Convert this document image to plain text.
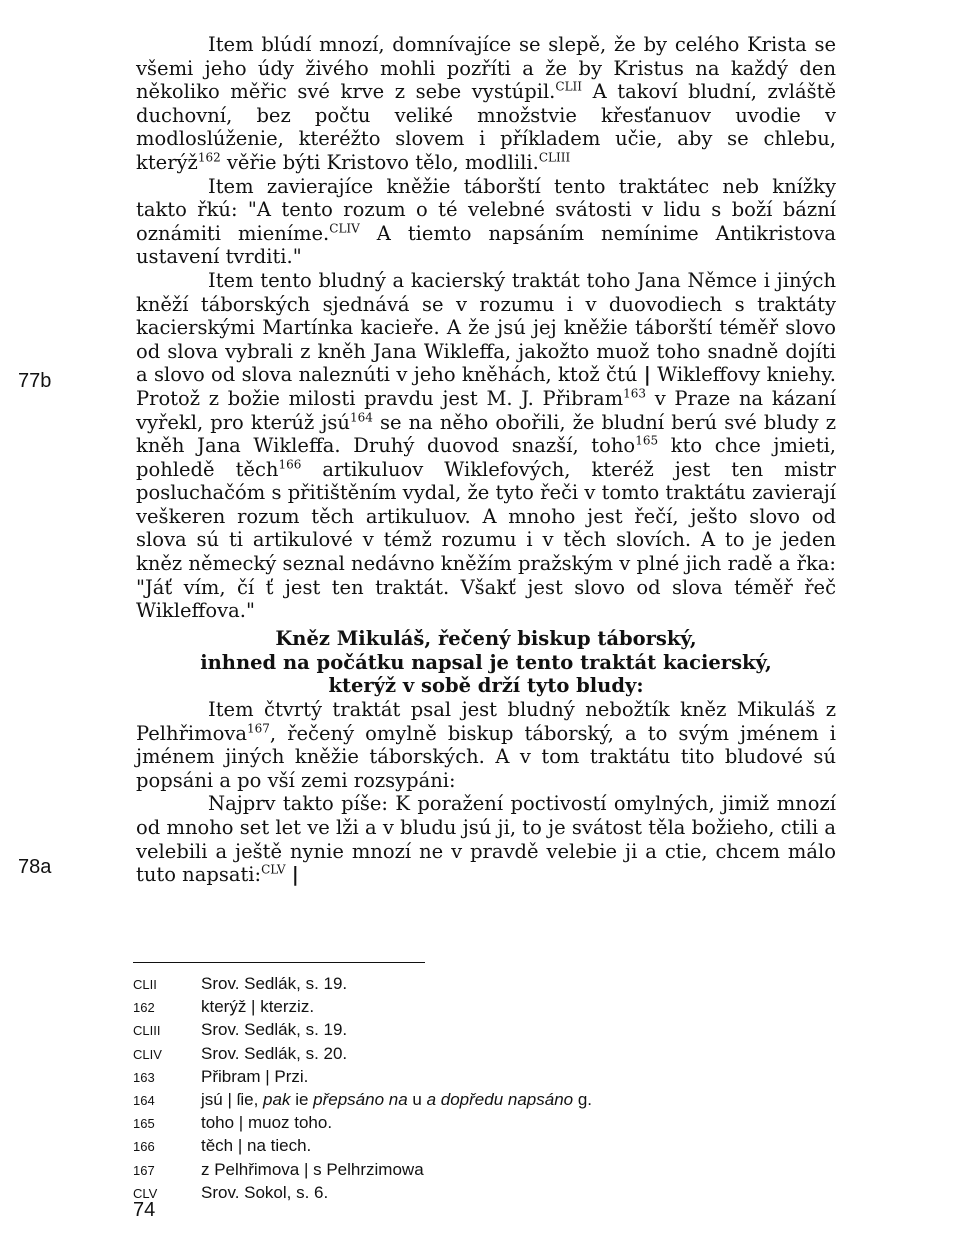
77b
78a

Item blúdí mnozí, domnívajíce se slepě, že by celého Krista se všemi jeho údy živého mohli pozříti a že by Kristus na každý den několiko měřic své krve z sebe vystúpil.$^{CLII}$ A takoví bludní, zvláště duchovní, bez počtu veliké množstvie křesťanuov uvodie v modloslúženie, kteréžto slovem i příkladem učie, aby se chlebu, kterýž$^{162}$ věřie býti Kristovo tělo, modlili.$^{CLIII}$

Item zavierajíce kněžie táborští tento traktátec neb knížky takto řkú: "A tento rozum o té velebné svátosti v lidu s boží bázní oznámiti mieníme.$^{CLIV}$ A tiemto napsáním nemínime Antikristova ustavení tvrditi."

Item tento bludný a kacierský traktát toho Jana Němce i jiných kněží táborských sjednává se v rozumu i v duovodiech s traktáty kacierskými Martínka kacieře. A že jsú jej kněžie táborští téměř slovo od slova vybrali z kněh Jana Wikleffa, jakožto muož toho snadně dojíti a slovo od slova naleznúti v jeho kněhách, ktož čtú | Wikleffovy kniehy. Protož z božie milosti pravdu jest M. J. Přibram$^{163}$ v Praze na kázaní vyřekl, pro kterúž jsú$^{164}$ se na něho obořili, že bludní berú své bludy z kněh Jana Wikleffa. Druhý duovod snazší, toho$^{165}$ kto chce jmieti, pohledě těch$^{166}$ artikuluov Wiklefových, kteréž jest ten mistr posluchačóm s přitištěním vydal, že tyto řeči v tomto traktátu zavierají veškeren rozum těch artikuluov. A mnoho jest řečí, ješto slovo od slova sú ti artikulové v témž rozumu i v těch slovích. A to je jeden kněz německý seznal nedávno kněžím pražským v plné jich radě a řka: "Jáť vím, čí ť jest ten traktát. Všakť jest slovo od slova téměř řeč Wikleffova."

Kněz Mikuláš, řečený biskup táborský,
inhned na počátku napsal je tento traktát kacierský,
kterýž v sobě drží tyto bludy:

Item čtvrtý traktát psal jest bludný nebožtík kněz Mikuláš z Pelhřimova$^{167}$, řečený omylně biskup táborský, a to svým jménem i jménem jiných kněžie táborských. A v tom traktátu tito bludové sú popsáni a po vší zemi rozsypáni:

Najprv takto píše: K poražení poctivostí omylných, jimiž mnozí od mnoho set let ve lži a v bludu jsú ji, to je svátost těla božieho, ctili a velebili a ještě nynie mnozí ne v pravdě velebie ji a ctie, chcem málo tuto napsati:$^{CLV}$ |

CLII	Srov. Sedlák, s. 19.
162	kterýž | kterziz.
CLIII	Srov. Sedlák, s. 19.
CLIV	Srov. Sedlák, s. 20.
163	Přibram | Przi.
164	jsú | ſie, pak ie přepsáno na u a dopředu napsáno g.
165	toho | muoz toho.
166	těch | na tiech.
167	z Pelhřimova | s Pelhrzimowa
CLV	Srov. Sokol, s. 6.
74
